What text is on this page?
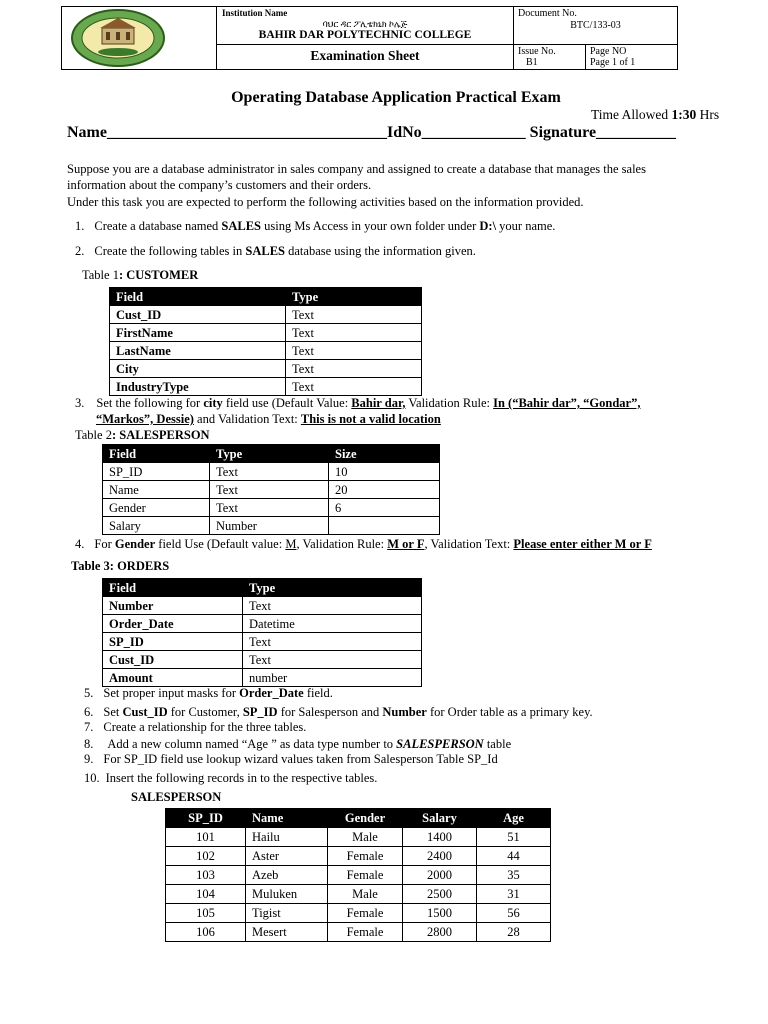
Institution Name
ባህር ዳር ፖሊቴክኒክ ኮሌጅ
BAHIR DAR POLYTECHNIC COLLEGE
Examination Sheet
Document No.
BTC/133-03
Issue No.
B1
Page NO
Page 1 of 1

Operating Database Application Practical Exam

Time Allowed 1:30 Hrs

Name___________________________________IdNo_____________ Signature__________

Suppose you are a database administrator in sales company and assigned to create a database that manages the sales

information about the company’s customers and their orders.

Under this task you are expected to perform the following activities based on the information provided.

1. Create a database named SALES using Ms Access in your own folder under D:\ your name.

2. Create the following tables in SALES database using the information given.

Table 1: CUSTOMER

Field	Type
Cust_ID	Text
FirstName	Text
LastName	Text
City	Text
IndustryType	Text

3. Set the following for city field use (Default Value: Bahir dar, Validation Rule: In (“Bahir dar”, “Gondar”,

“Markos”, Dessie) and Validation Text: This is not a valid location

Table 2: SALESPERSON

Field	Type	Size
SP_ID	Text	10
Name	Text	20
Gender	Text	6
Salary	Number	

4. For Gender field Use (Default value: M, Validation Rule: M or F, Validation Text: Please enter either M or F

Table 3: ORDERS

Field	Type
Number	Text
Order_Date	Datetime
SP_ID	Text
Cust_ID	Text
Amount	number

5. Set proper input masks for Order_Date field.

6. Set Cust_ID for Customer, SP_ID for Salesperson and Number for Order table as a primary key.

7. Create a relationship for the three tables.

8. Add a new column named “Age ” as data type number to SALESPERSON table

9. For SP_ID field use lookup wizard values taken from Salesperson Table SP_Id

10. Insert the following records in to the respective tables.

SALESPERSON

SP_ID	Name	Gender	Salary	Age
101	Hailu	Male	1400	51
102	Aster	Female	2400	44
103	Azeb	Female	2000	35
104	Muluken	Male	2500	31
105	Tigist	Female	1500	56
106	Mesert	Female	2800	28
